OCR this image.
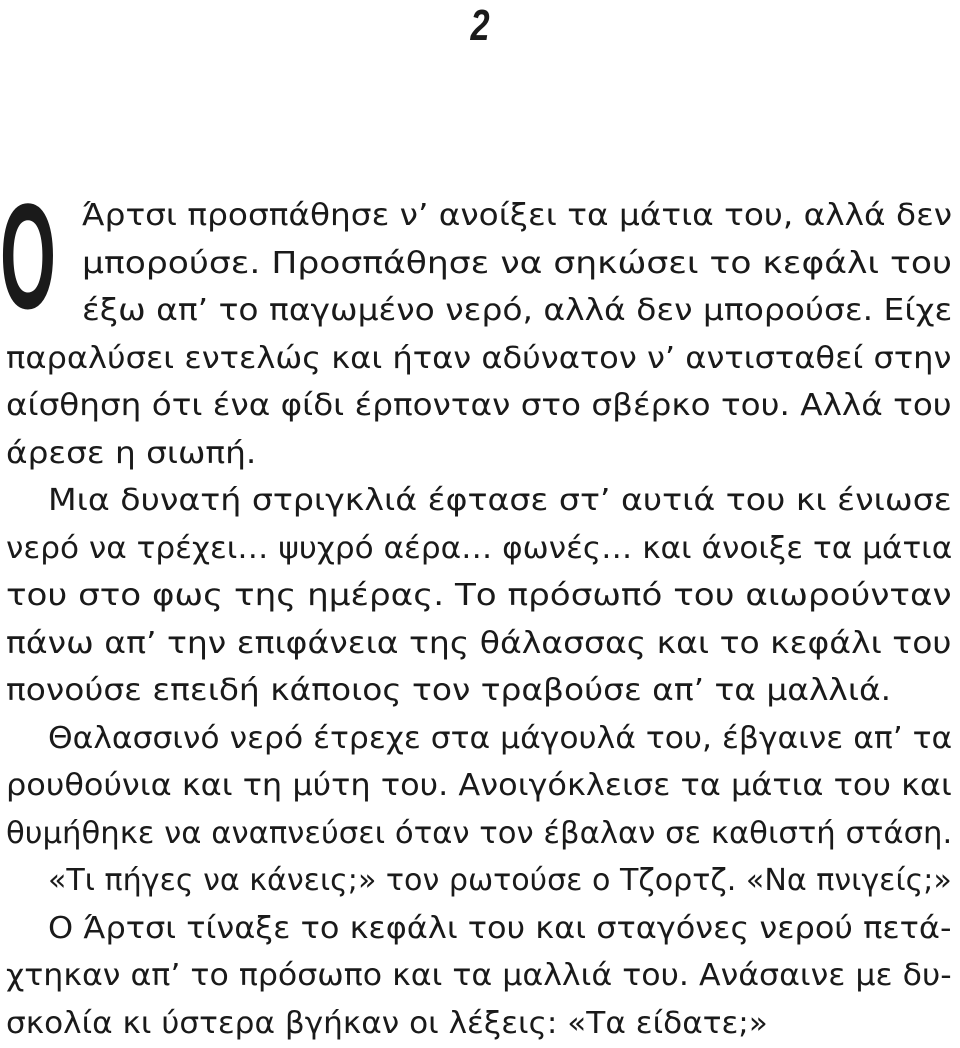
2
Ο Άρτσι προσπάθησε ν’ ανοίξει τα μάτια του, αλλά δεν
μπορούσε. Προσπάθησε να σηκώσει το κεφάλι του
έξω απ’ το παγωμένο νερό, αλλά δεν μπορούσε. Είχε
παραλύσει εντελώς και ήταν αδύνατον ν’ αντισταθεί στην
αίσθηση ότι ένα φίδι έρπονταν στο σβέρκο του. Αλλά του
άρεσε η σιωπή.
Μια δυνατή στριγκλιά έφτασε στ’ αυτιά του κι ένιωσε
νερό να τρέχει… ψυχρό αέρα… φωνές… και άνοιξε τα μάτια
του στο φως της ημέρας. Το πρόσωπό του αιωρούνταν
πάνω απ’ την επιφάνεια της θάλασσας και το κεφάλι του
πονούσε επειδή κάποιος τον τραβούσε απ’ τα μαλλιά.
Θαλασσινό νερό έτρεχε στα μάγουλά του, έβγαινε απ’ τα
ρουθούνια και τη μύτη του. Ανοιγόκλεισε τα μάτια του και
θυμήθηκε να αναπνεύσει όταν τον έβαλαν σε καθιστή στάση.
«Τι πήγες να κάνεις;» τον ρωτούσε ο Τζορτζ. «Να πνιγείς;»
Ο Άρτσι τίναξε το κεφάλι του και σταγόνες νερού πετά-
χτηκαν απ’ το πρόσωπο και τα μαλλιά του. Ανάσαινε με δυ-
σκολία κι ύστερα βγήκαν οι λέξεις: «Τα είδατε;»
